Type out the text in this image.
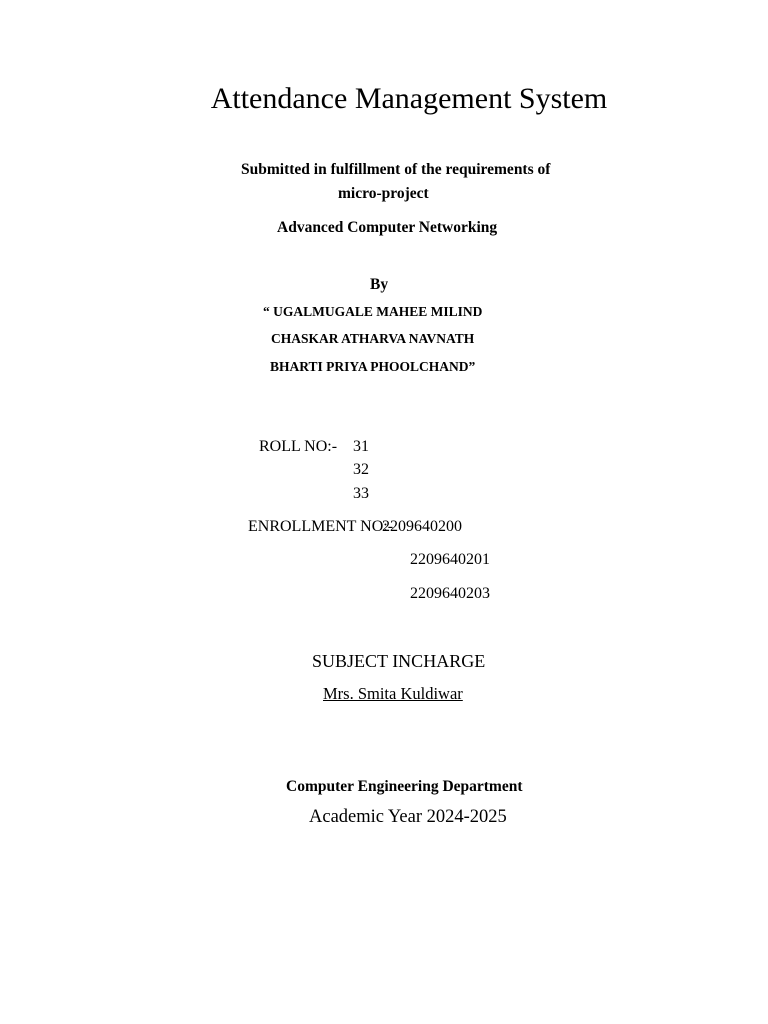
Attendance Management System
Submitted in fulfillment of the requirements of
micro-project
Advanced Computer Networking
By
“ UGALMUGALE MAHEE MILIND
CHASKAR ATHARVA NAVNATH
BHARTI PRIYA PHOOLCHAND”
ROLL NO:- 31
32
33
ENROLLMENT NO:-
2209640200
2209640201
2209640203
SUBJECT INCHARGE
Mrs. Smita Kuldiwar
Computer Engineering Department
Academic Year 2024-2025
